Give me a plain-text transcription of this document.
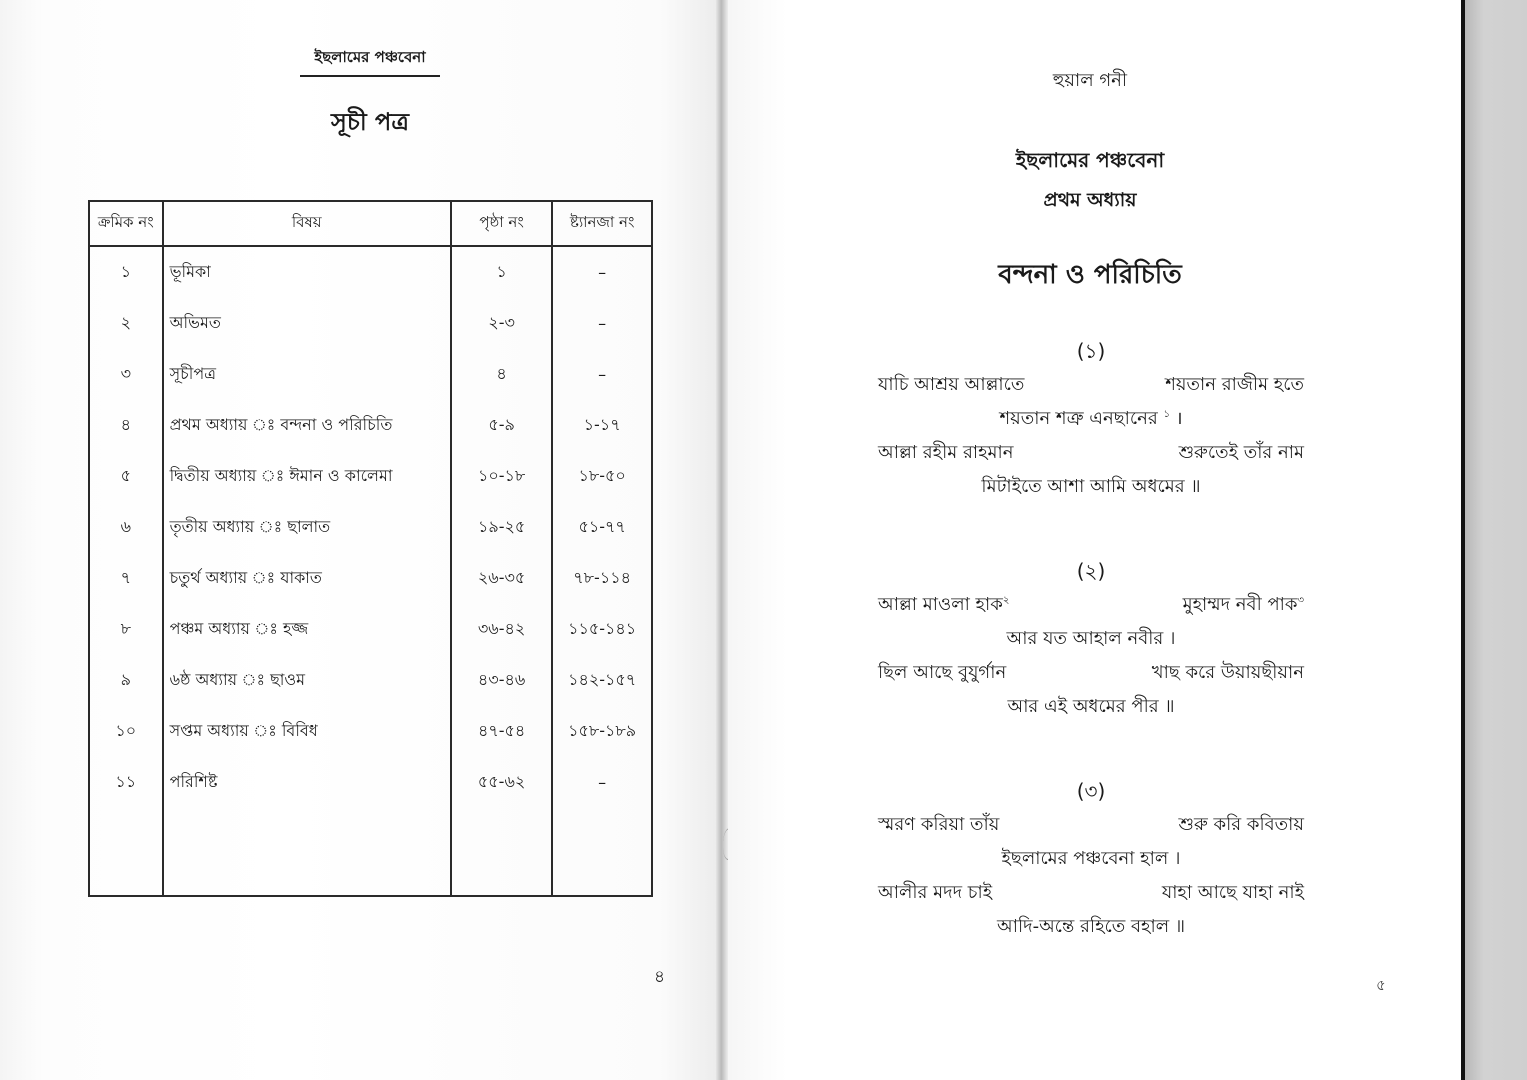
ইছলামের পঞ্চবেনা
সূচী পত্র
ক্রমিক নং	বিষয়	পৃষ্ঠা নং	ষ্ট্যানজা নং
১	ভূমিকা	১	–
২	অভিমত	২-৩	–
৩	সূচীপত্র	৪	–
৪	প্রথম অধ্যায় ঃ বন্দনা ও পরিচিতি	৫-৯	১-১৭
৫	দ্বিতীয় অধ্যায় ঃ ঈমান ও কালেমা	১০-১৮	১৮-৫০
৬	তৃতীয় অধ্যায় ঃ ছালাত	১৯-২৫	৫১-৭৭
৭	চতুর্থ অধ্যায় ঃ যাকাত	২৬-৩৫	৭৮-১১৪
৮	পঞ্চম অধ্যায় ঃ হজ্জ	৩৬-৪২	১১৫-১৪১
৯	৬ষ্ঠ অধ্যায় ঃ ছাওম	৪৩-৪৬	১৪২-১৫৭
১০	সপ্তম অধ্যায় ঃ বিবিধ	৪৭-৫৪	১৫৮-১৮৯
১১	পরিশিষ্ট	৫৫-৬২	–

৪
হুয়াল গনী
ইছলামের পঞ্চবেনা
প্রথম অধ্যায়
বন্দনা ও পরিচিতি
(১)
যাচি আশ্রয় আল্লাতে	শয়তান রাজীম হতে
শয়তান শত্রু এনছানের $^১$ ।
আল্লা রহীম রাহমান	শুরুতেই তাঁর নাম
মিটাইতে আশা আমি অধমের ॥
(২)
আল্লা মাওলা হাক$^২$	মুহাম্মদ নবী পাক$^৩$
আর যত আহাল নবীর ।
ছিল আছে বুযুর্গান	খাছ করে উয়ায়ছীয়ান
আর এই অধমের পীর ॥
(৩)
স্মরণ করিয়া তাঁয়	শুরু করি কবিতায়
ইছলামের পঞ্চবেনা হাল ।
আলীর মদদ চাই	যাহা আছে যাহা নাই
আদি-অন্তে রহিতে বহাল ॥
৫
